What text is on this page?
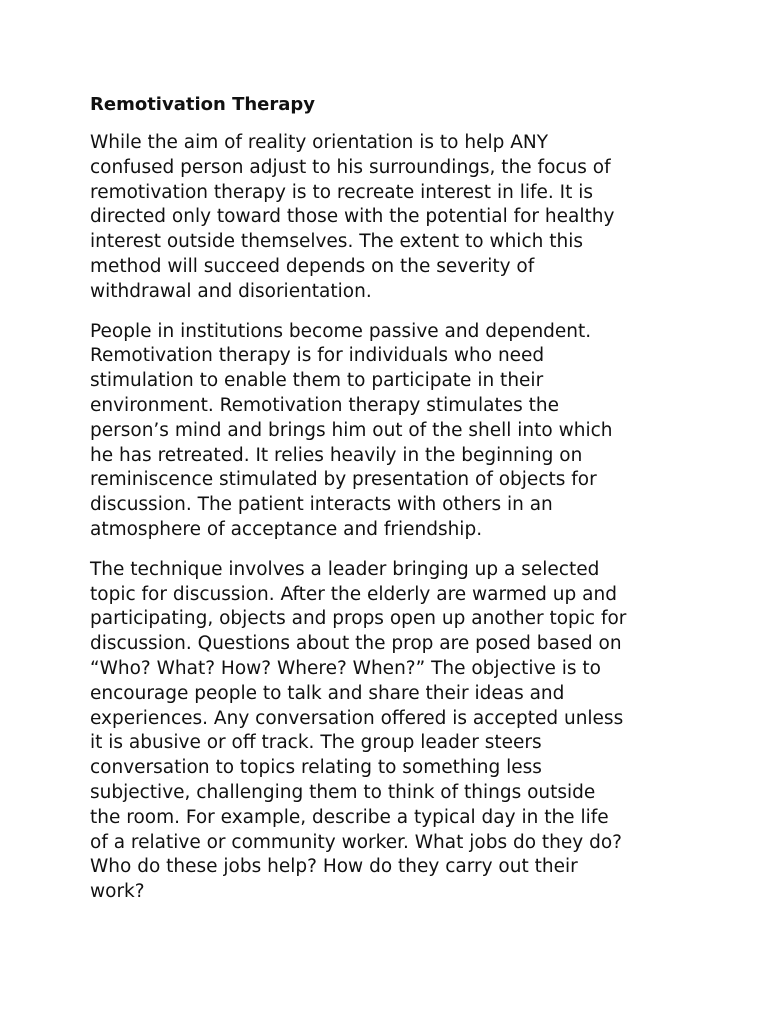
Remotivation Therapy

While the aim of reality orientation is to help ANY
confused person adjust to his surroundings, the focus of
remotivation therapy is to recreate interest in life. It is
directed only toward those with the potential for healthy
interest outside themselves. The extent to which this
method will succeed depends on the severity of
withdrawal and disorientation.

People in institutions become passive and dependent.
Remotivation therapy is for individuals who need
stimulation to enable them to participate in their
environment. Remotivation therapy stimulates the
person’s mind and brings him out of the shell into which
he has retreated. It relies heavily in the beginning on
reminiscence stimulated by presentation of objects for
discussion. The patient interacts with others in an
atmosphere of acceptance and friendship.

The technique involves a leader bringing up a selected
topic for discussion. After the elderly are warmed up and
participating, objects and props open up another topic for
discussion. Questions about the prop are posed based on
“Who? What? How? Where? When?” The objective is to
encourage people to talk and share their ideas and
experiences. Any conversation offered is accepted unless
it is abusive or off track. The group leader steers
conversation to topics relating to something less
subjective, challenging them to think of things outside
the room. For example, describe a typical day in the life
of a relative or community worker. What jobs do they do?
Who do these jobs help? How do they carry out their
work?
